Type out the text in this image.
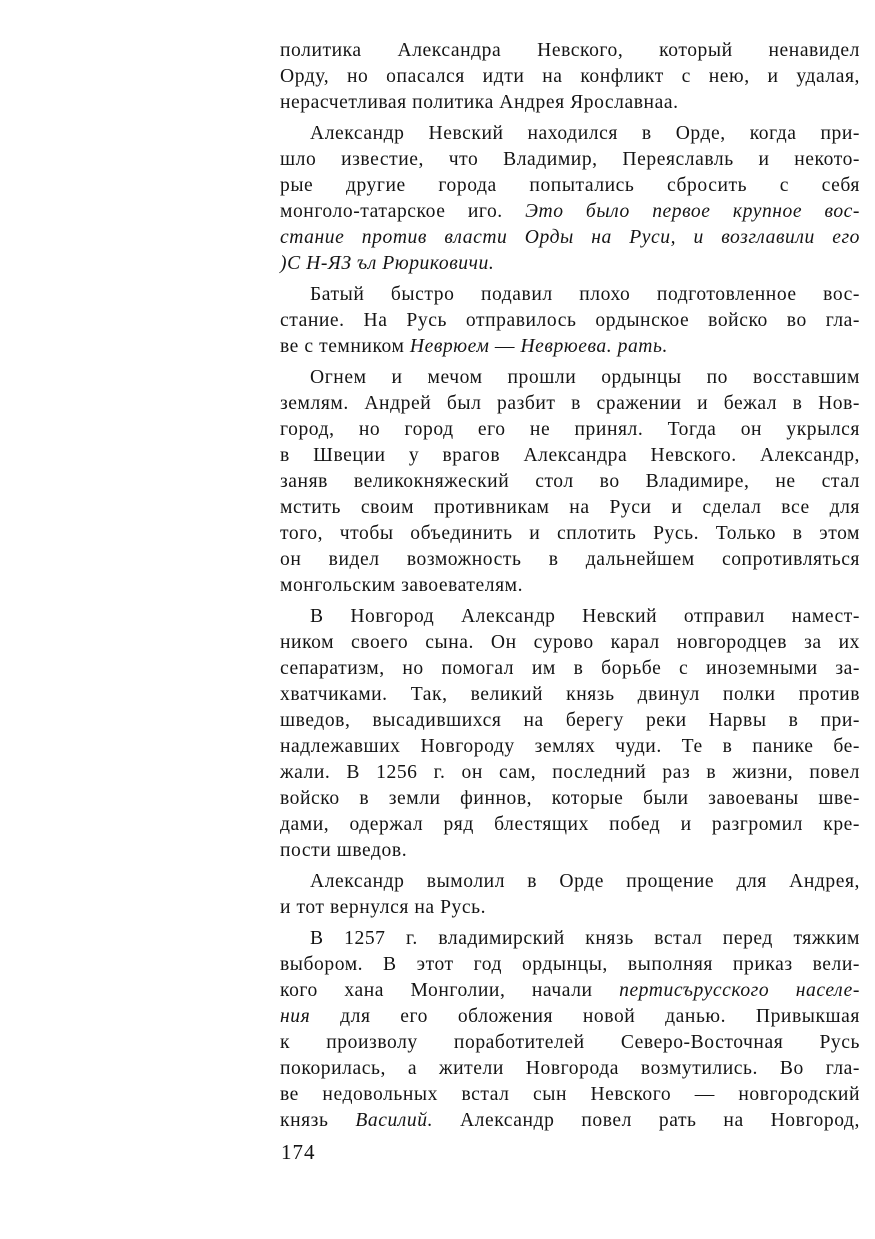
политика Александра Невского, который ненавидел
Орду, но опасался идти на конфликт с нею, и удалая,
нерасчетливая политика Андрея Ярославнаа.
Александр Невский находился в Орде, когда при-
шло известие, что Владимир, Переяславль и некото-
рые другие города попытались сбросить с себя
монголо-татарское иго. Это было первое крупное вос-
стание против власти Орды на Руси, и возглавили его
)С Н-ЯЗ ъл Рюриковичи.
Батый быстро подавил плохо подготовленное вос-
стание. На Русь отправилось ордынское войско во гла-
ве с темником Неврюем — Неврюева. рать.
Огнем и мечом прошли ордынцы по восставшим
землям. Андрей был разбит в сражении и бежал в Нов-
город, но город его не принял. Тогда он укрылся
в Швеции у врагов Александра Невского. Александр,
заняв великокняжеский стол во Владимире, не стал
мстить своим противникам на Руси и сделал все для
того, чтобы объединить и сплотить Русь. Только в этом
он видел возможность в дальнейшем сопротивляться
монгольским завоевателям.
В Новгород Александр Невский отправил намест-
ником своего сына. Он сурово карал новгородцев за их
сепаратизм, но помогал им в борьбе с иноземными за-
хватчиками. Так, великий князь двинул полки против
шведов, высадившихся на берегу реки Нарвы в при-
надлежавших Новгороду землях чуди. Те в панике бе-
жали. В 1256 г. он сам, последний раз в жизни, повел
войско в земли финнов, которые были завоеваны шве-
дами, одержал ряд блестящих побед и разгромил кре-
пости шведов.
Александр вымолил в Орде прощение для Андрея,
и тот вернулся на Русь.
В 1257 г. владимирский князь встал перед тяжким
выбором. В этот год ордынцы, выполняя приказ вели-
кого хана Монголии, начали пертисърусского населе-
ния для его обложения новой данью. Привыкшая
к произволу поработителей Северо-Восточная Русь
покорилась, а жители Новгорода возмутились. Во гла-
ве недовольных встал сын Невского — новгородский
князь Василий. Александр повел рать на Новгород,
174
